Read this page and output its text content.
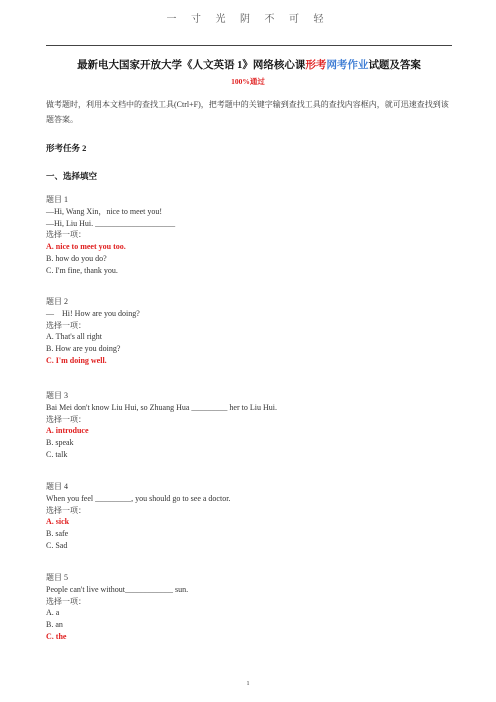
一 寸 光 阴 不 可 轻
最新电大国家开放大学《人文英语 1》网络核心课形考网考作业试题及答案
100%通过
做考题时，利用本文档中的查找工具(Ctrl+F)，把考题中的关键字输到查找工具的查找内容框内，就可迅速查找到该题答案。
形考任务 2
一、选择填空
题目 1
—Hi, Wang Xin，nice to meet you!
—Hi, Liu Hui. ____________________
选择一项：
A. nice to meet you too.
B. how do you do?
C. I'm fine, thank you.
题目 2
—　Hi! How are you doing?
选择一项：
A. That's all right
B. How are you doing?
C. I'm doing well.
题目 3
Bai Mei don't know Liu Hui, so Zhuang Hua _________ her to Liu Hui.
选择一项：
A. introduce
B. speak
C. talk
题目 4
When you feel _________, you should go to see a doctor.
选择一项：
A. sick
B. safe
C. Sad
题目 5
People can't live without____________ sun.
选择一项：
A. a
B. an
C. the
1
